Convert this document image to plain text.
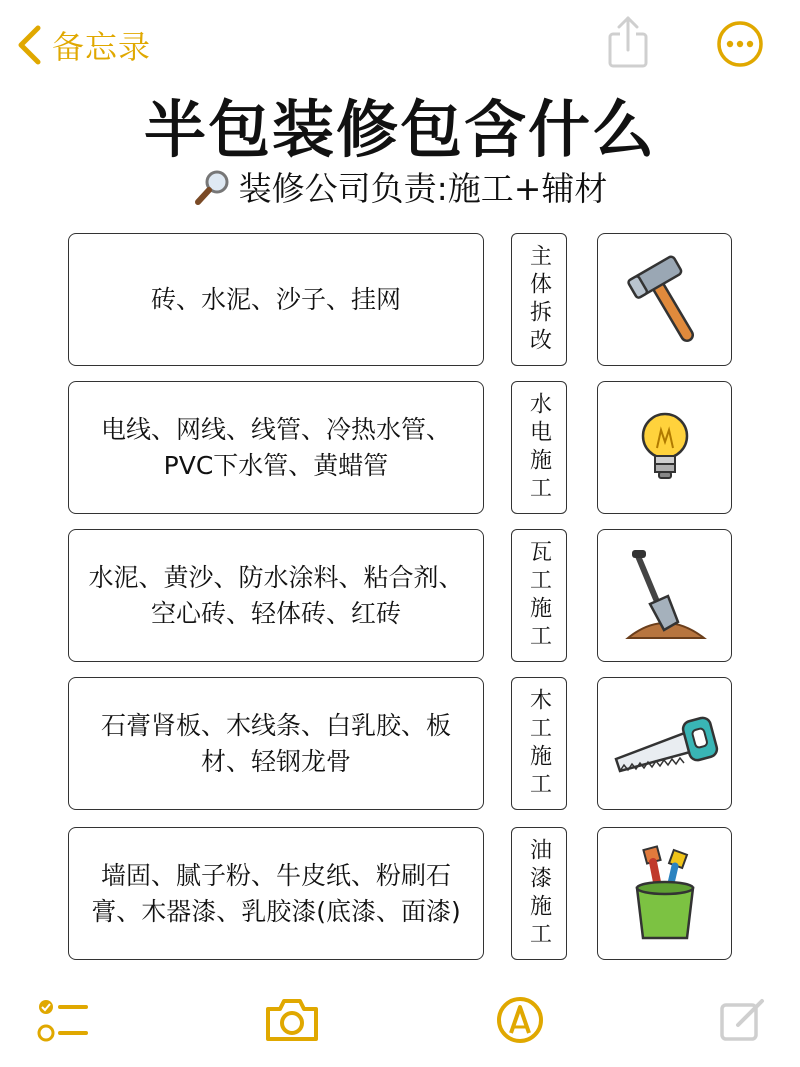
备忘录
半包装修包含什么
装修公司负责:施工+辅材
砖、水泥、沙子、挂网	主体拆改
电线、网线、线管、冷热水管、PVC下水管、黄蜡管	水电施工
水泥、黄沙、防水涂料、粘合剂、空心砖、轻体砖、红砖	瓦工施工
石膏肾板、木线条、白乳胶、板材、轻钢龙骨	木工施工
墙固、腻子粉、牛皮纸、粉刷石膏、木器漆、乳胶漆(底漆、面漆)	油漆施工
